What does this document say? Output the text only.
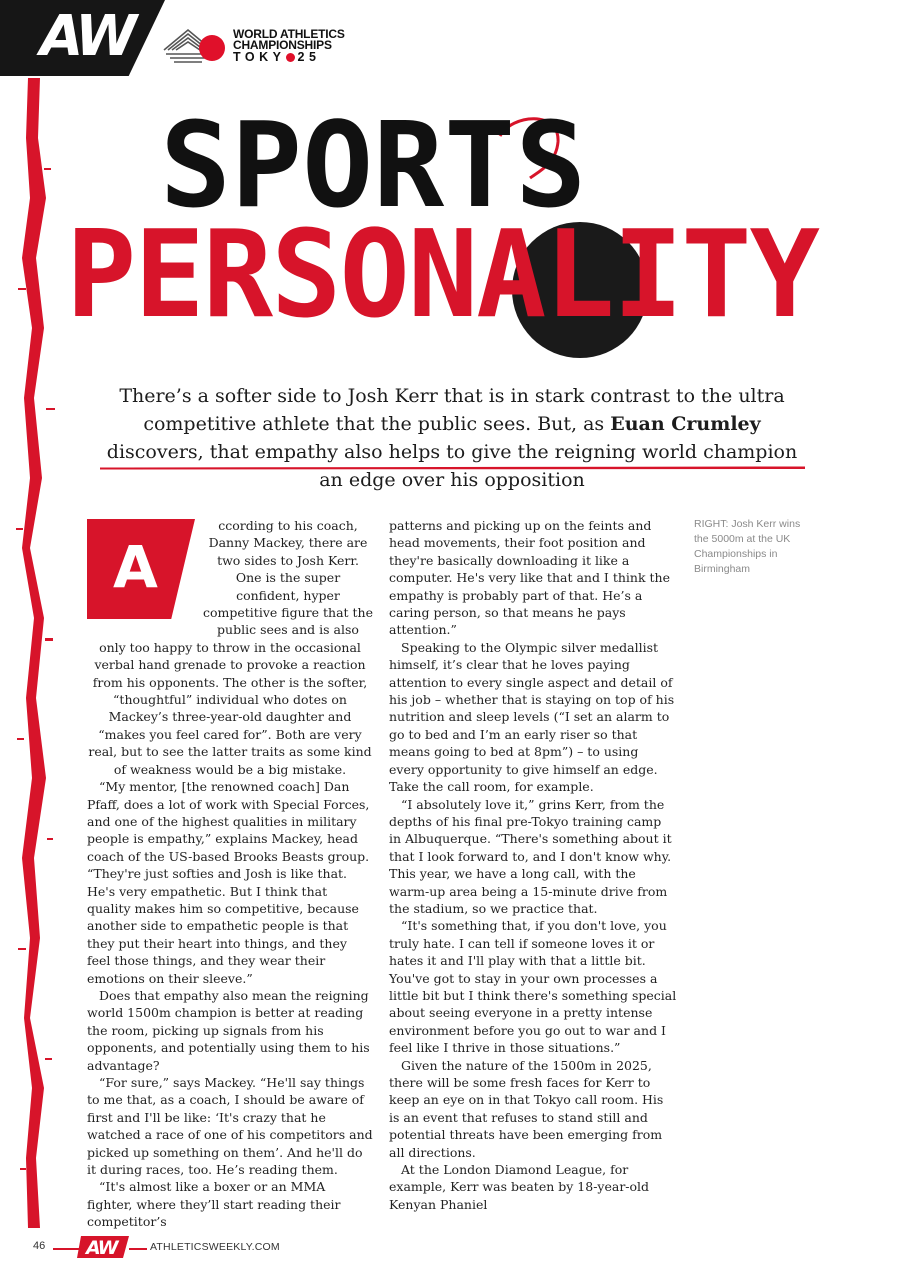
AW	WORLD ATHLETICS
CHAMPIONSHIPS
TOKY 25
SPORTS
PERSONALITY
There’s a softer side to Josh Kerr that is in stark contrast to the ultra competitive athlete that the public sees. But, as Euan Crumley discovers, that empathy also helps to give the reigning world champion an edge over his opposition
A

ccording to his coach, Danny Mackey, there are two sides to Josh Kerr. One is the super confident, hyper competitive figure that the public sees and is also only too happy to throw in the occasional verbal hand grenade to provoke a reaction from his opponents. The other is the softer, “thoughtful” individual who dotes on Mackey’s three-year-old daughter and “makes you feel cared for”. Both are very real, but to see the latter traits as some kind of weakness would be a big mistake.

“My mentor, [the renowned coach] Dan Pfaff, does a lot of work with Special Forces, and one of the highest qualities in military people is empathy,” explains Mackey, head coach of the US-based Brooks Beasts group. “They're just softies and Josh is like that. He's very empathetic. But I think that quality makes him so competitive, because another side to empathetic people is that they put their heart into things, and they feel those things, and they wear their emotions on their sleeve.”

Does that empathy also mean the reigning world 1500m champion is better at reading the room, picking up signals from his opponents, and potentially using them to his advantage?

“For sure,” says Mackey. “He'll say things to me that, as a coach, I should be aware of first and I'll be like: ‘It's crazy that he watched a race of one of his competitors and picked up something on them’. And he'll do it during races, too. He’s reading them.

“It's almost like a boxer or an MMA fighter, where they’ll start reading their competitor’s

patterns and picking up on the feints and head movements, their foot position and they're basically downloading it like a computer. He's very like that and I think the empathy is probably part of that. He’s a caring person, so that means he pays attention.”

Speaking to the Olympic silver medallist himself, it’s clear that he loves paying attention to every single aspect and detail of his job – whether that is staying on top of his nutrition and sleep levels (“I set an alarm to go to bed and I’m an early riser so that means going to bed at 8pm”) – to using every opportunity to give himself an edge. Take the call room, for example.

“I absolutely love it,” grins Kerr, from the depths of his final pre-Tokyo training camp in Albuquerque. “There's something about it that I look forward to, and I don't know why. This year, we have a long call, with the warm-up area being a 15-minute drive from the stadium, so we practice that.

“It's something that, if you don't love, you truly hate. I can tell if someone loves it or hates it and I'll play with that a little bit. You've got to stay in your own processes a little bit but I think there's something special about seeing everyone in a pretty intense environment before you go out to war and I feel like I thrive in those situations.”

Given the nature of the 1500m in 2025, there will be some fresh faces for Kerr to keep an eye on in that Tokyo call room. His is an event that refuses to stand still and potential threats have been emerging from all directions.

At the London Diamond League, for example, Kerr was beaten by 18-year-old Kenyan Phaniel

RIGHT: Josh Kerr wins the 5000m at the UK Championships in Birmingham
46 AW	ATHLETICSWEEKLY.COM
